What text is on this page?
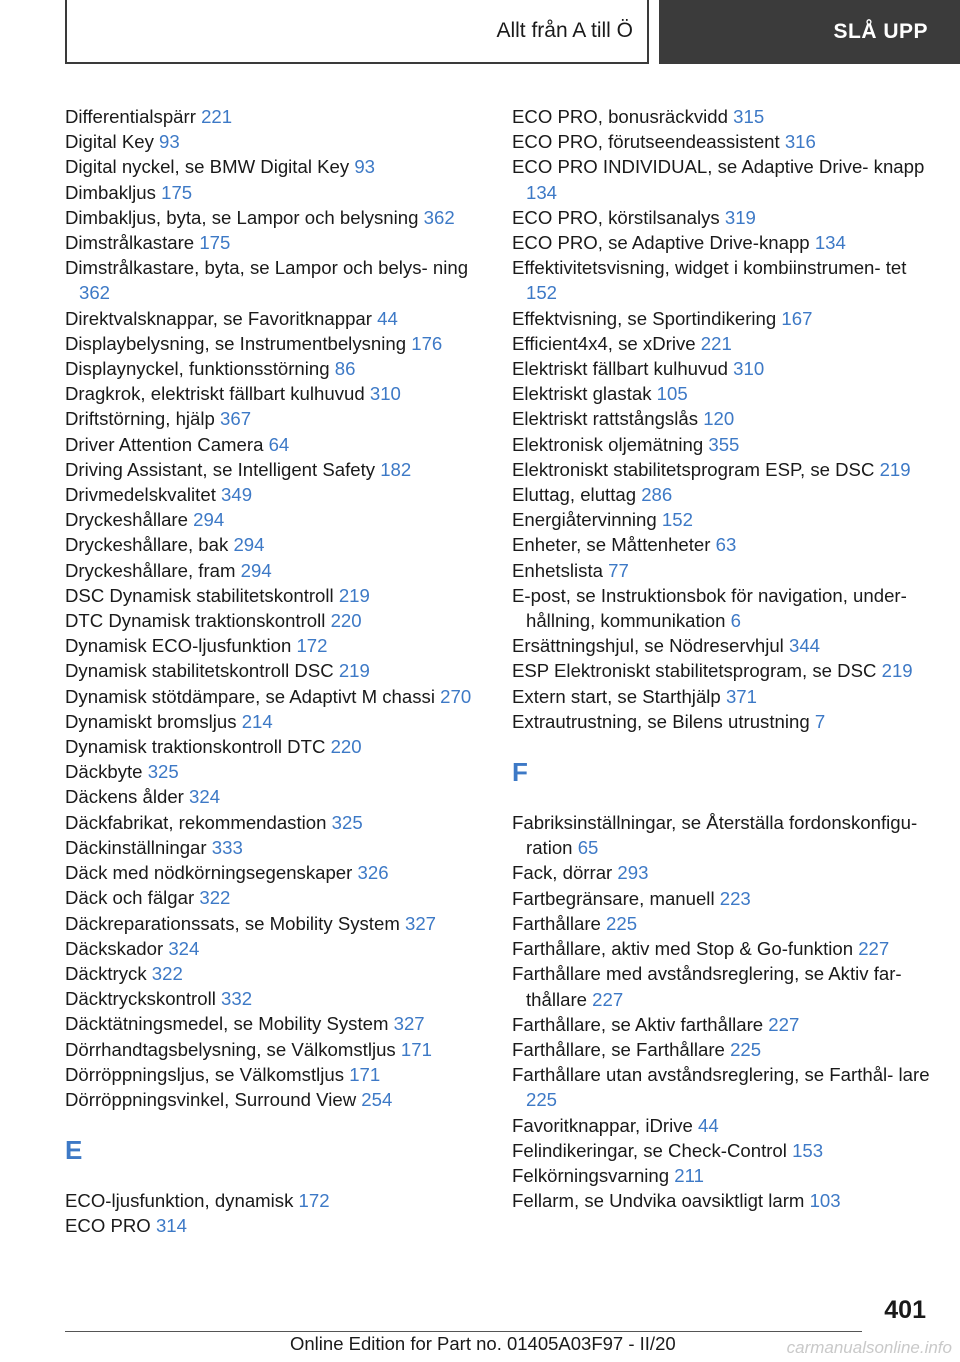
Allt från A till Ö	SLÅ UPP
Differentialspärr 221
Digital Key 93
Digital nyckel, se BMW Digital Key 93
Dimbakljus 175
Dimbakljus, byta, se Lampor och belysning 362
Dimstrålkastare 175
Dimstrålkastare, byta, se Lampor och belys‐ ning 362
Direktvalsknappar, se Favoritknappar 44
Displaybelysning, se Instrumentbelysning 176
Displaynyckel, funktionsstörning 86
Dragkrok, elektriskt fällbart kulhuvud 310
Driftstörning, hjälp 367
Driver Attention Camera 64
Driving Assistant, se Intelligent Safety 182
Drivmedelskvalitet 349
Dryckeshållare 294
Dryckeshållare, bak 294
Dryckeshållare, fram 294
DSC Dynamisk stabilitetskontroll 219
DTC Dynamisk traktionskontroll 220
Dynamisk ECO-ljusfunktion 172
Dynamisk stabilitetskontroll DSC 219
Dynamisk stötdämpare, se Adaptivt M chassi 270
Dynamiskt bromsljus 214
Dynamisk traktionskontroll DTC 220
Däckbyte 325
Däckens ålder 324
Däckfabrikat, rekommendastion 325
Däckinställningar 333
Däck med nödkörningsegenskaper 326
Däck och fälgar 322
Däckreparationssats, se Mobility System 327
Däckskador 324
Däcktryck 322
Däcktryckskontroll 332
Däcktätningsmedel, se Mobility System 327
Dörrhandtagsbelysning, se Välkomstljus 171
Dörröppningsljus, se Välkomstljus 171
Dörröppningsvinkel, Surround View 254
E
ECO-ljusfunktion, dynamisk 172
ECO PRO 314
ECO PRO, bonusräckvidd 315
ECO PRO, förutseendeassistent 316
ECO PRO INDIVIDUAL, se Adaptive Drive‐ knapp 134
ECO PRO, körstilsanalys 319
ECO PRO, se Adaptive Drive-knapp 134
Effektivitetsvisning, widget i kombiinstrumen‐ tet 152
Effektvisning, se Sportindikering 167
Efficient4x4, se xDrive 221
Elektriskt fällbart kulhuvud 310
Elektriskt glastak 105
Elektriskt rattstångslås 120
Elektronisk oljemätning 355
Elektroniskt stabilitetsprogram ESP, se DSC 219
Eluttag, eluttag 286
Energiåtervinning 152
Enheter, se Måttenheter 63
Enhetslista 77
E-post, se Instruktionsbok för navigation, under‐ hållning, kommunikation 6
Ersättningshjul, se Nödreservhjul 344
ESP Elektroniskt stabilitetsprogram, se DSC 219
Extern start, se Starthjälp 371
Extrautrustning, se Bilens utrustning 7
F
Fabriksinställningar, se Återställa fordonskonfigu‐ ration 65
Fack, dörrar 293
Fartbegränsare, manuell 223
Farthållare 225
Farthållare, aktiv med Stop & Go-funktion 227
Farthållare med avståndsreglering, se Aktiv far‐ thållare 227
Farthållare, se Aktiv farthållare 227
Farthållare, se Farthållare 225
Farthållare utan avståndsreglering, se Farthål‐ lare 225
Favoritknappar, iDrive 44
Felindikeringar, se Check-Control 153
Felkörningsvarning 211
Fellarm, se Undvika oavsiktligt larm 103
401
Online Edition for Part no. 01405A03F97 - II/20	carmanualsonline.info
